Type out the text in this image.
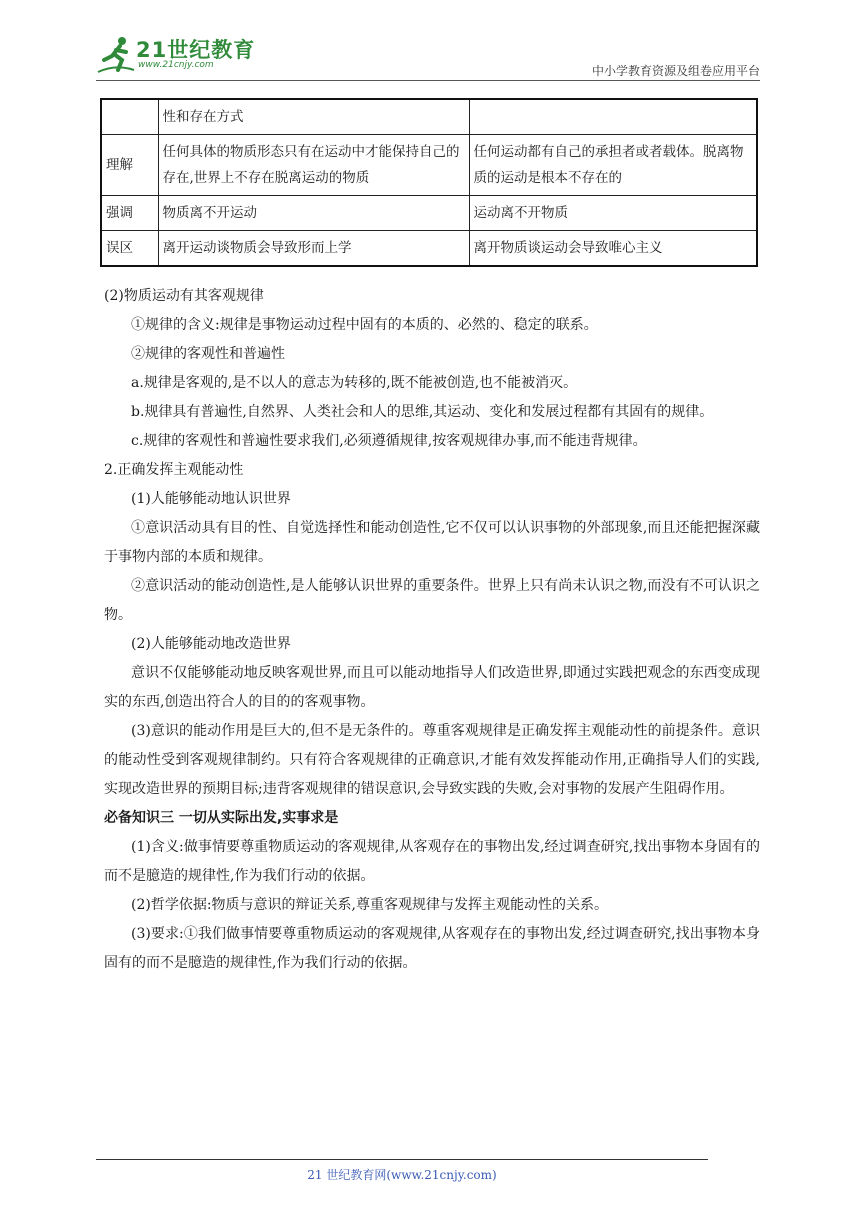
21世纪教育
www.21cnjy.com	中小学教育资源及组卷应用平台
	性和存在方式	
理解	任何具体的物质形态只有在运动中才能保持自己的存在,世界上不存在脱离运动的物质	任何运动都有自己的承担者或者载体。脱离物质的运动是根本不存在的
强调	物质离不开运动	运动离不开物质
误区	离开运动谈物质会导致形而上学	离开物质谈运动会导致唯心主义

(2)物质运动有其客观规律

①规律的含义:规律是事物运动过程中固有的本质的、必然的、稳定的联系。

②规律的客观性和普遍性

a.规律是客观的,是不以人的意志为转移的,既不能被创造,也不能被消灭。

b.规律具有普遍性,自然界、人类社会和人的思维,其运动、变化和发展过程都有其固有的规律。

c.规律的客观性和普遍性要求我们,必须遵循规律,按客观规律办事,而不能违背规律。

2.正确发挥主观能动性

(1)人能够能动地认识世界

①意识活动具有目的性、自觉选择性和能动创造性,它不仅可以认识事物的外部现象,而且还能把握深藏于事物内部的本质和规律。

②意识活动的能动创造性,是人能够认识世界的重要条件。世界上只有尚未认识之物,而没有不可认识之物。

(2)人能够能动地改造世界

意识不仅能够能动地反映客观世界,而且可以能动地指导人们改造世界,即通过实践把观念的东西变成现实的东西,创造出符合人的目的的客观事物。

(3)意识的能动作用是巨大的,但不是无条件的。尊重客观规律是正确发挥主观能动性的前提条件。意识的能动性受到客观规律制约。只有符合客观规律的正确意识,才能有效发挥能动作用,正确指导人们的实践,实现改造世界的预期目标;违背客观规律的错误意识,会导致实践的失败,会对事物的发展产生阻碍作用。

必备知识三 一切从实际出发,实事求是

(1)含义:做事情要尊重物质运动的客观规律,从客观存在的事物出发,经过调查研究,找出事物本身固有的而不是臆造的规律性,作为我们行动的依据。

(2)哲学依据:物质与意识的辩证关系,尊重客观规律与发挥主观能动性的关系。

(3)要求:①我们做事情要尊重物质运动的客观规律,从客观存在的事物出发,经过调查研究,找出事物本身固有的而不是臆造的规律性,作为我们行动的依据。

21 世纪教育网(www.21cnjy.com)
